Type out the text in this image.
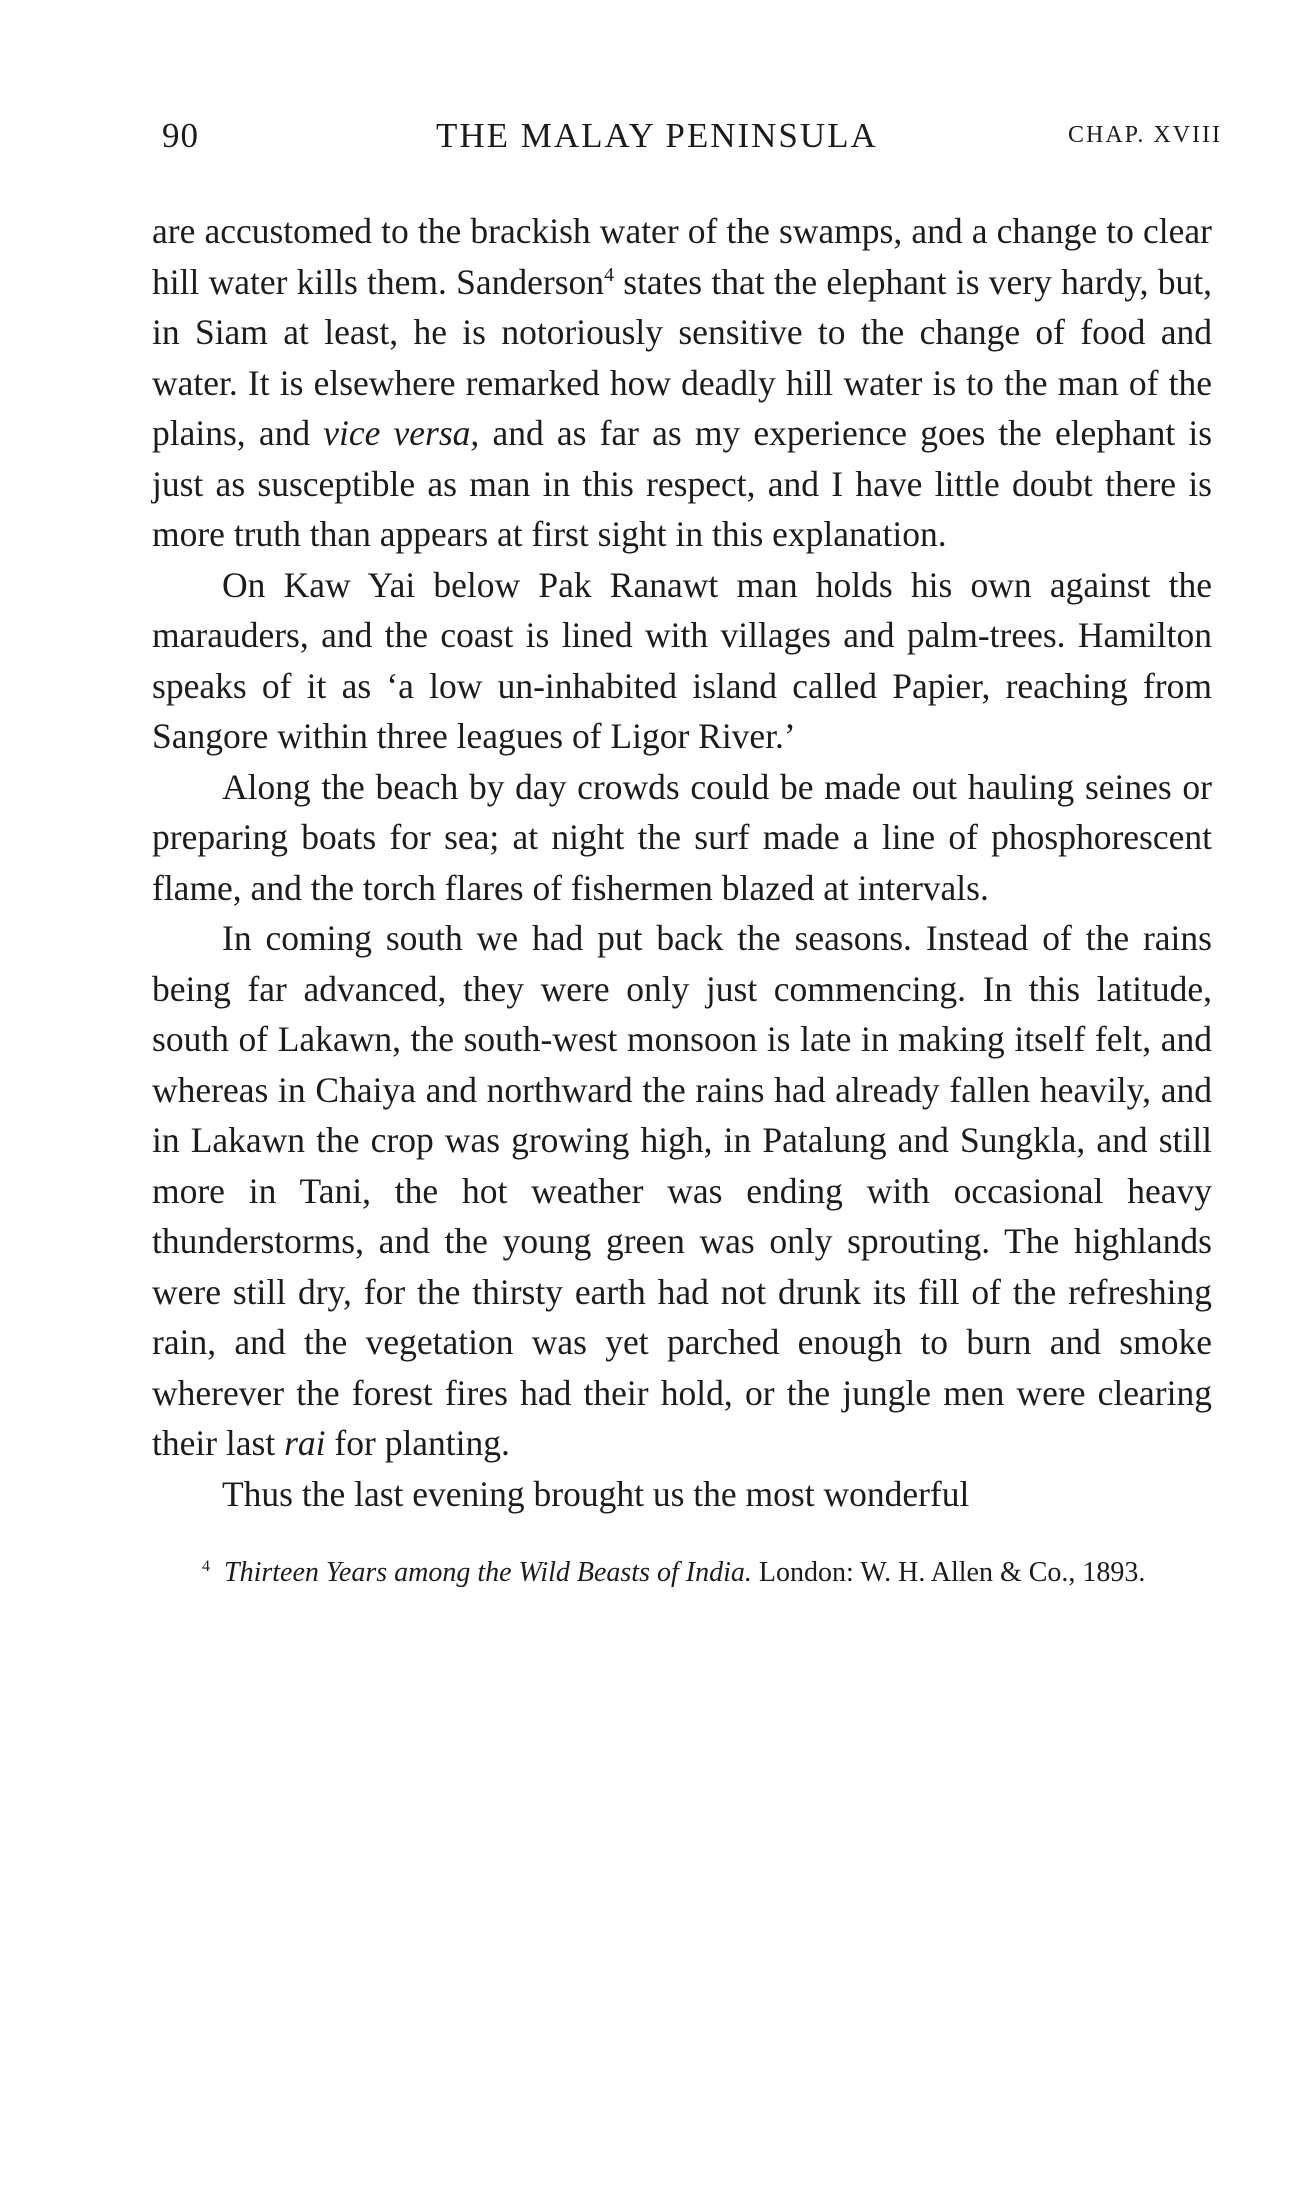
90	THE MALAY PENINSULA	CHAP. XVIII

are accustomed to the brackish water of the swamps, and a change to clear hill water kills them. Sanderson$^4$ states that the elephant is very hardy, but, in Siam at least, he is notoriously sensitive to the change of food and water. It is elsewhere remarked how deadly hill water is to the man of the plains, and vice versa, and as far as my experience goes the elephant is just as susceptible as man in this respect, and I have little doubt there is more truth than appears at first sight in this explanation.

On Kaw Yai below Pak Ranawt man holds his own against the marauders, and the coast is lined with villages and palm-trees. Hamilton speaks of it as ‘a low un-inhabited island called Papier, reaching from Sangore within three leagues of Ligor River.’

Along the beach by day crowds could be made out hauling seines or preparing boats for sea; at night the surf made a line of phosphorescent flame, and the torch flares of fishermen blazed at intervals.

In coming south we had put back the seasons. Instead of the rains being far advanced, they were only just commencing. In this latitude, south of Lakawn, the south-west monsoon is late in making itself felt, and whereas in Chaiya and northward the rains had already fallen heavily, and in Lakawn the crop was growing high, in Patalung and Sungkla, and still more in Tani, the hot weather was ending with occasional heavy thunderstorms, and the young green was only sprouting. The highlands were still dry, for the thirsty earth had not drunk its fill of the refreshing rain, and the vegetation was yet parched enough to burn and smoke wherever the forest fires had their hold, or the jungle men were clearing their last rai for planting.

Thus the last evening brought us the most wonderful

$^4$ Thirteen Years among the Wild Beasts of India. London: W. H. Allen & Co., 1893.
